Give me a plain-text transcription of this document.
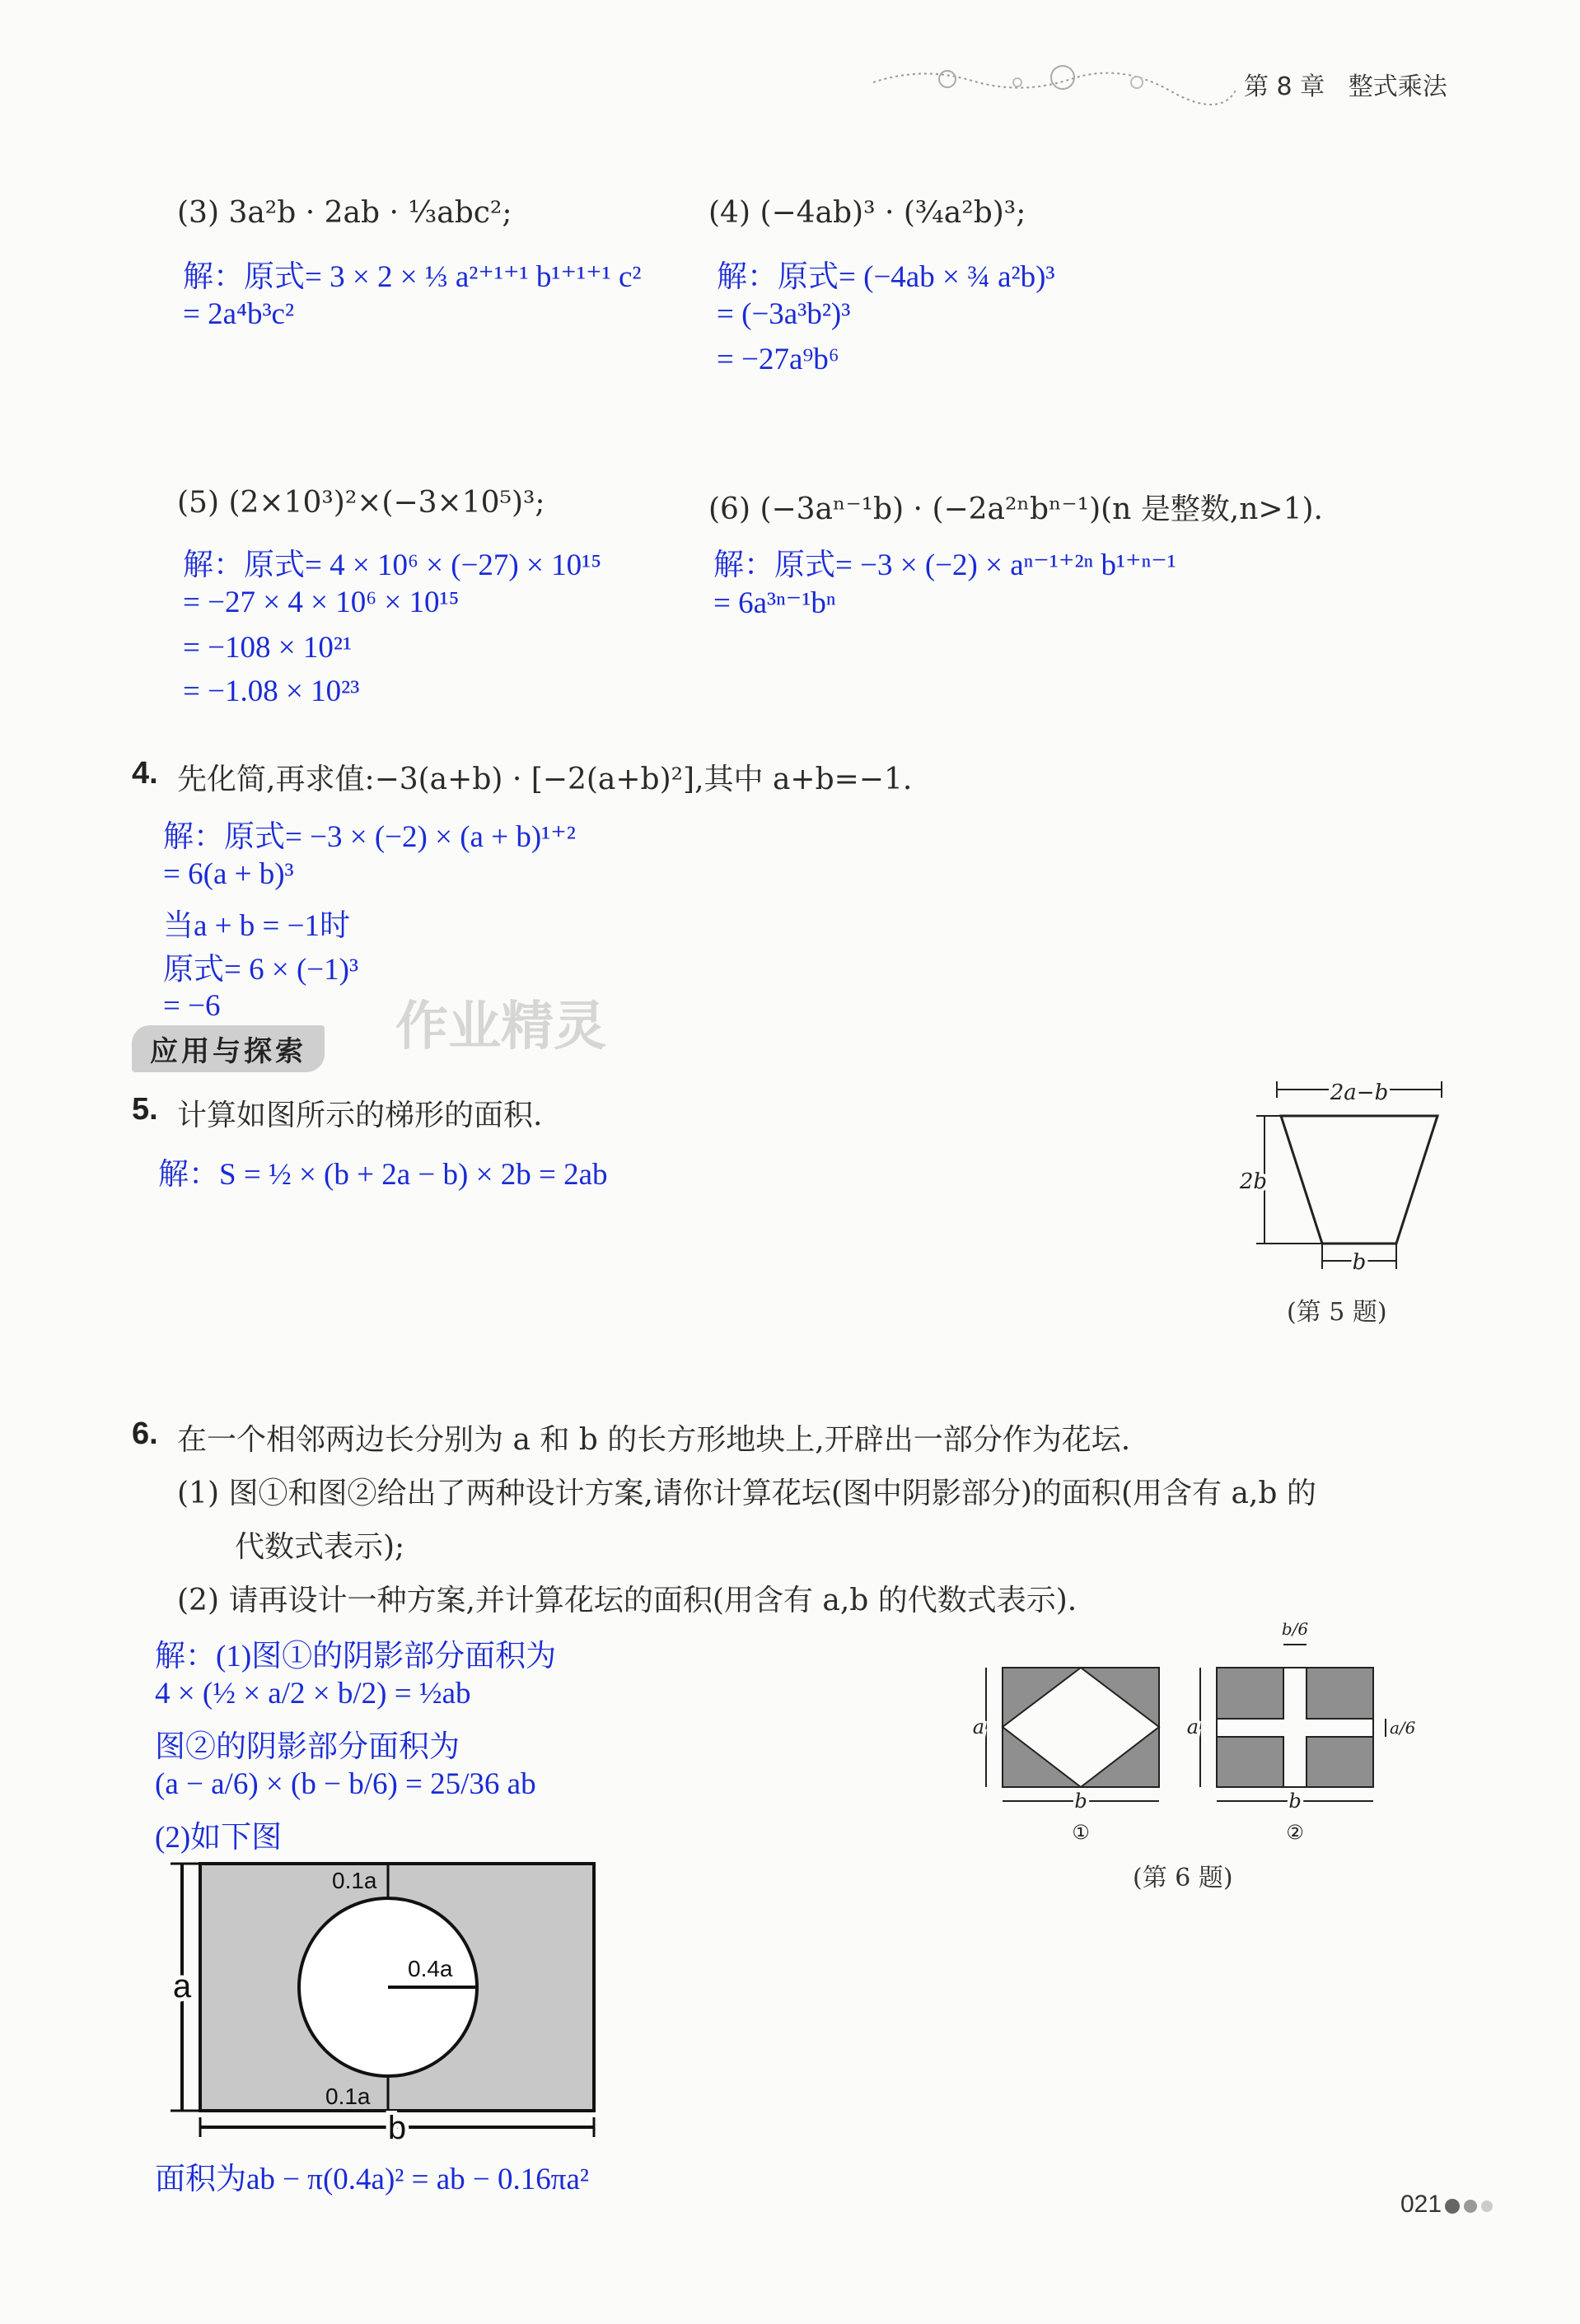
第 8 章 整式乘法
(3) 3a²b · 2ab · ⅓abc²;
解：原式= 3 × 2 × ⅓ a²⁺¹⁺¹ b¹⁺¹⁺¹ c²
= 2a⁴b³c²
(4) (−4ab)³ · (¾a²b)³;
解：原式= (−4ab × ¾ a²b)³
= (−3a³b²)³
= −27a⁹b⁶
(5) (2×10³)²×(−3×10⁵)³;
解：原式= 4 × 10⁶ × (−27) × 10¹⁵
= −27 × 4 × 10⁶ × 10¹⁵
= −108 × 10²¹
= −1.08 × 10²³
(6) (−3aⁿ⁻¹b) · (−2a²ⁿbⁿ⁻¹)(n 是整数,n>1).
解：原式= −3 × (−2) × aⁿ⁻¹⁺²ⁿ b¹⁺ⁿ⁻¹
= 6a³ⁿ⁻¹bⁿ
4. 先化简,再求值:−3(a+b) · [−2(a+b)²],其中 a+b=−1.
解：原式= −3 × (−2) × (a + b)¹⁺²
= 6(a + b)³
当a + b = −1时
原式= 6 × (−1)³
= −6	作业精灵
应用与探索
5. 计算如图所示的梯形的面积.
解：S = ½ × (b + 2a − b) × 2b = 2ab
2a−b
2b
b
(第 5 题)
6. 在一个相邻两边长分别为 a 和 b 的长方形地块上,开辟出一部分作为花坛.
(1) 图①和图②给出了两种设计方案,请你计算花坛(图中阴影部分)的面积(用含有 a,b 的
代数式表示);
(2) 请再设计一种方案,并计算花坛的面积(用含有 a,b 的代数式表示).
解：(1)图①的阴影部分面积为
4 × (½ × a/2 × b/2) = ½ab
图②的阴影部分面积为
(a − a/6) × (b − b/6) = 25/36 ab
(2)如下图
a
b
①
b/6
a/6
a
b
②
(第 6 题)
0.4a
0.1a
0.1a
a
b
面积为ab − π(0.4a)² = ab − 0.16πa²
021
